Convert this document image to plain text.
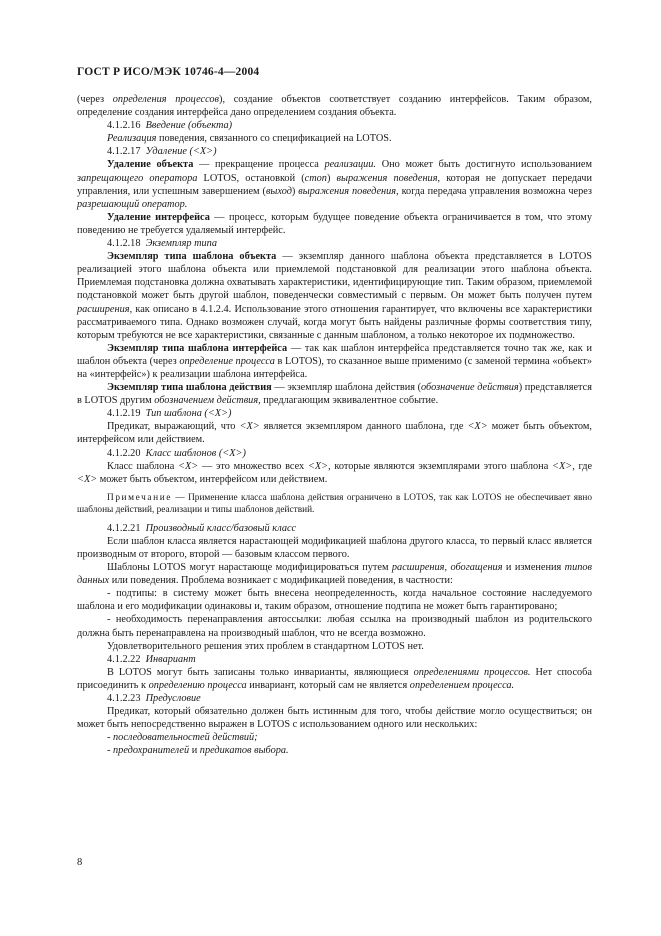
ГОСТ Р ИСО/МЭК 10746-4—2004

(через определения процессов), создание объектов соответствует созданию интерфейсов. Таким образом, определение создания интерфейса дано определением создания объекта.

4.1.2.16 Введение (объекта)

Реализация поведения, связанного со спецификацией на LOTOS.

4.1.2.17 Удаление (<X>)

Удаление объекта — прекращение процесса реализации. Оно может быть достигнуто использованием запрещающего оператора LOTOS, остановкой (стоп) выражения поведения, которая не допускает передачи управления, или успешным завершением (выход) выражения поведения, когда передача управления возможна через разрешающий оператор.

Удаление интерфейса — процесс, которым будущее поведение объекта ограничивается в том, что этому поведению не требуется удаляемый интерфейс.

4.1.2.18 Экземпляр типа

Экземпляр типа шаблона объекта — экземпляр данного шаблона объекта представляется в LOTOS реализацией этого шаблона объекта или приемлемой подстановкой для реализации этого шаблона объекта. Приемлемая подстановка должна охватывать характеристики, идентифицирующие тип. Таким образом, приемлемой подстановкой может быть другой шаблон, поведенчески совместимый с первым. Он может быть получен путем расширения, как описано в 4.1.2.4. Использование этого отношения гарантирует, что включены все характеристики рассматриваемого типа. Однако возможен случай, когда могут быть найдены различные формы соответствия типу, которым требуются не все характеристики, связанные с данным шаблоном, а только некоторое их подмножество.

Экземпляр типа шаблона интерфейса — так как шаблон интерфейса представляется точно так же, как и шаблон объекта (через определение процесса в LOTOS), то сказанное выше применимо (с заменой термина «объект» на «интерфейс») к реализации шаблона интерфейса.

Экземпляр типа шаблона действия — экземпляр шаблона действия (обозначение действия) представляется в LOTOS другим обозначением действия, предлагающим эквивалентное событие.

4.1.2.19 Тип шаблона (<X>)

Предикат, выражающий, что <X> является экземпляром данного шаблона, где <X> может быть объектом, интерфейсом или действием.

4.1.2.20 Класс шаблонов (<X>)

Класс шаблона <X> — это множество всех <X>, которые являются экземплярами этого шаблона <X>, где <X> может быть объектом, интерфейсом или действием.

Примечание — Применение класса шаблона действия ограничено в LOTOS, так как LOTOS не обеспечивает явно шаблоны действий, реализации и типы шаблонов действий.

4.1.2.21 Производный класс/базовый класс

Если шаблон класса является нарастающей модификацией шаблона другого класса, то первый класс является производным от второго, второй — базовым классом первого.

Шаблоны LOTOS могут нарастающе модифицироваться путем расширения, обогащения и изменения типов данных или поведения. Проблема возникает с модификацией поведения, в частности:

- подтипы: в систему может быть внесена неопределенность, когда начальное состояние наследуемого шаблона и его модификации одинаковы и, таким образом, отношение подтипа не может быть гарантировано;

- необходимость перенаправления автоссылки: любая ссылка на производный шаблон из родительского должна быть перенаправлена на производный шаблон, что не всегда возможно.

Удовлетворительного решения этих проблем в стандартном LOTOS нет.

4.1.2.22 Инвариант

В LOTOS могут быть записаны только инварианты, являющиеся определениями процессов. Нет способа присоединить к определению процесса инвариант, который сам не является определением процесса.

4.1.2.23 Предусловие

Предикат, который обязательно должен быть истинным для того, чтобы действие могло осуществиться; он может быть непосредственно выражен в LOTOS с использованием одного или нескольких:

- последовательностей действий;

- предохранителей и предикатов выбора.

8
